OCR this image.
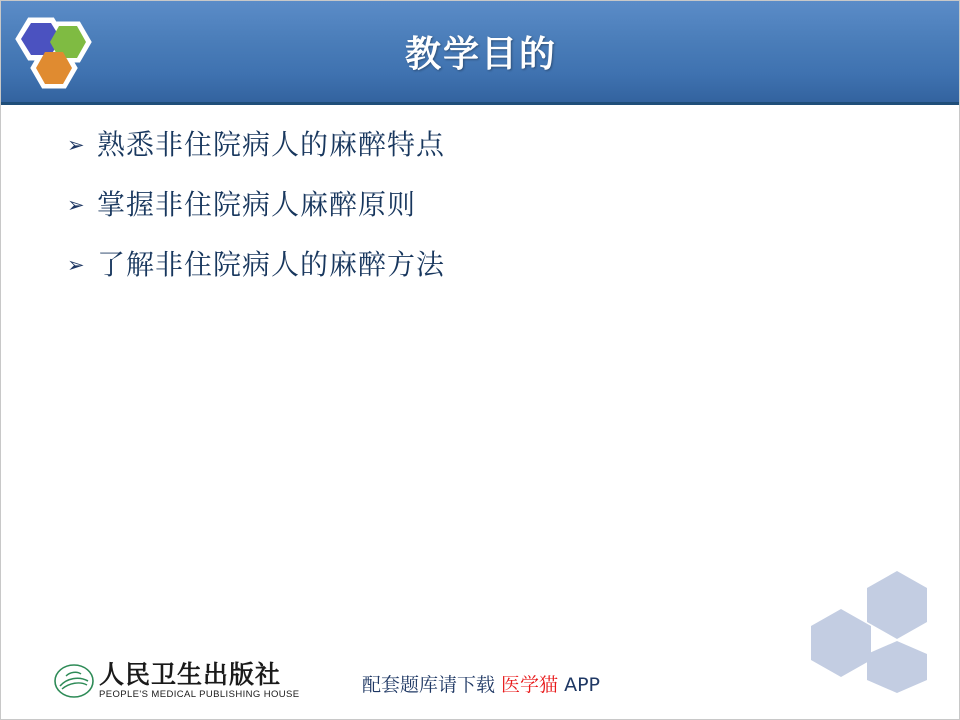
教学目的
➢ 熟悉非住院病人的麻醉特点
➢ 掌握非住院病人麻醉原则
➢ 了解非住院病人的麻醉方法
人民卫生出版社
PEOPLE'S MEDICAL PUBLISHING HOUSE	配套题库请下载 医学猫 APP
